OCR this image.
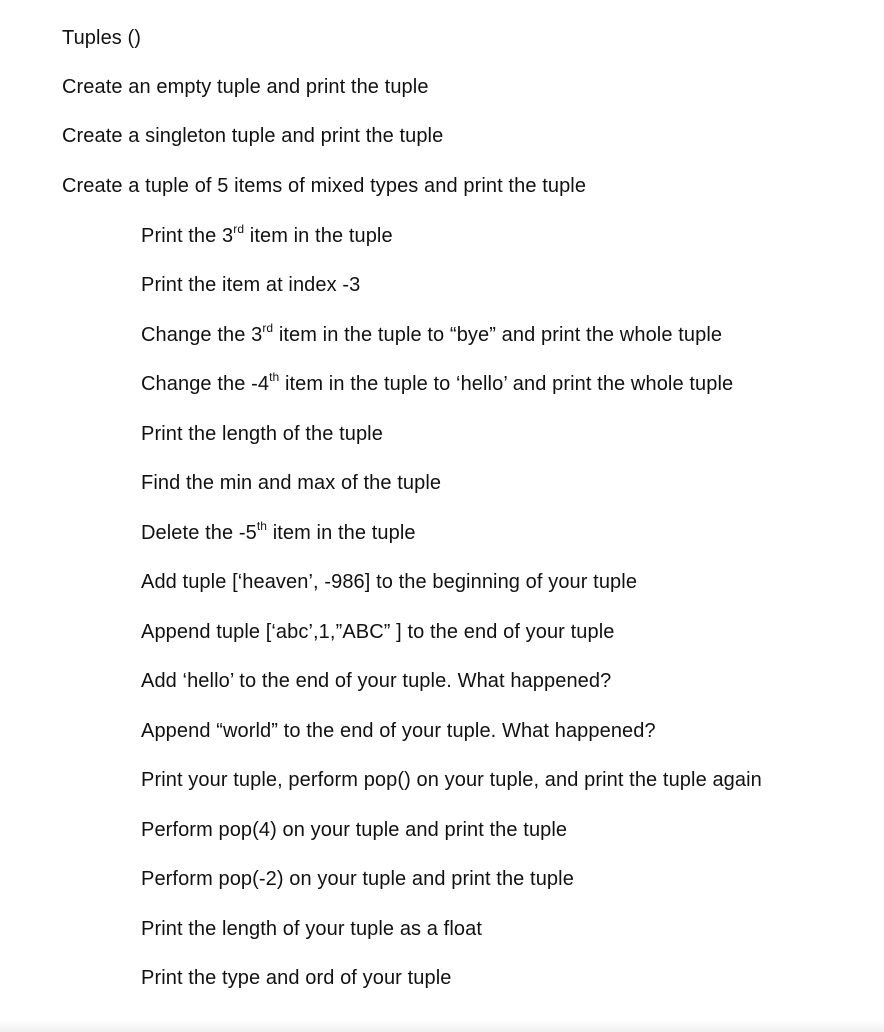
Tuples ()
Create an empty tuple and print the tuple
Create a singleton tuple and print the tuple
Create a tuple of 5 items of mixed types and print the tuple
Print the 3rd item in the tuple
Print the item at index -3
Change the 3rd item in the tuple to “bye” and print the whole tuple
Change the -4th item in the tuple to ‘hello’ and print the whole tuple
Print the length of the tuple
Find the min and max of the tuple
Delete the -5th item in the tuple
Add tuple [‘heaven’, -986] to the beginning of your tuple
Append tuple [‘abc’,1,”ABC” ] to the end of your tuple
Add ‘hello’ to the end of your tuple. What happened?
Append “world” to the end of your tuple. What happened?
Print your tuple, perform pop() on your tuple, and print the tuple again
Perform pop(4) on your tuple and print the tuple
Perform pop(-2) on your tuple and print the tuple
Print the length of your tuple as a float
Print the type and ord of your tuple
